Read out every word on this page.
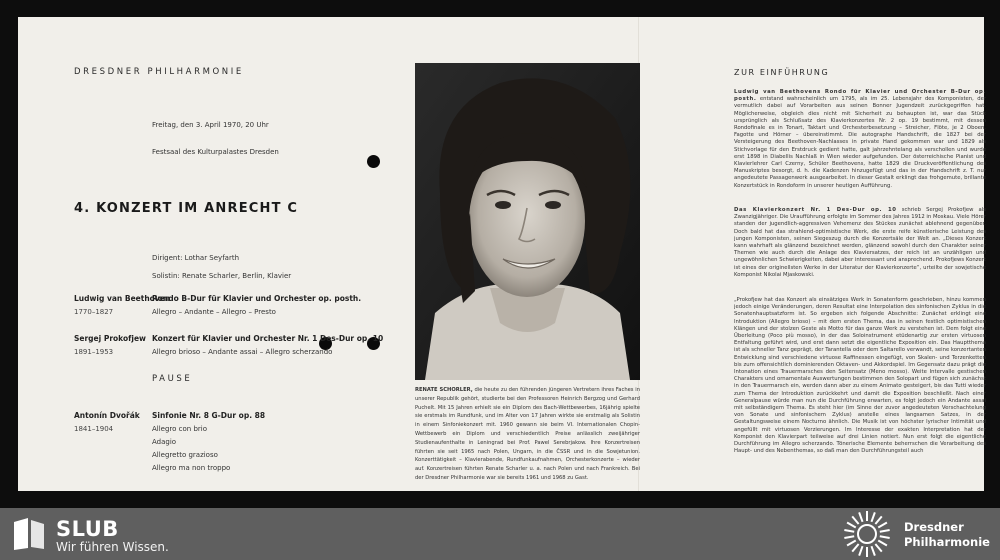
DRESDNER PHILHARMONIE
Freitag, den 3. April 1970, 20 Uhr
Festsaal des Kulturpalastes Dresden
4. KONZERT IM ANRECHT C
Dirigent: Lothar Seyfarth
Solistin: Renate Scharler, Berlin, Klavier
Ludwig van Beethoven
1770–1827
Rondo B-Dur für Klavier und Orchester op. posth.
Allegro – Andante – Allegro – Presto
Sergej Prokofjew
1891–1953
Konzert für Klavier und Orchester Nr. 1 Des-Dur op. 10
Allegro brioso – Andante assai – Allegro scherzando
PAUSE
Antonín Dvořák
1841–1904
Sinfonie Nr. 8 G-Dur op. 88
Allegro con brio
Adagio
Allegretto grazioso
Allegro ma non troppo
RENATE SCHORLER, die heute zu den führenden jüngeren Vertretern ihres Faches in unserer Republik gehört, studierte bei den Professoren Heinrich Bergzog und Gerhard Puchelt. Mit 15 Jahren erhielt sie ein Diplom des Bach-Wettbewerbes, 16jährig spielte sie erstmals im Rundfunk, und im Alter von 17 Jahren wirkte sie erstmalig als Solistin in einem Sinfoniekonzert mit. 1960 gewann sie beim VI. Internationalen Chopin-Wettbewerb ein Diplom und verschiedentlich Preise anlässlich zweijähriger Studienaufenthalte in Leningrad bei Prof. Pawel Serebrjakow. Ihre Konzertreisen führten sie seit 1965 nach Polen, Ungarn, in die ČSSR und in die Sowjetunion. Konzerttätigkeit – Klavierabende, Rundfunkaufnahmen, Orchesterkonzerte – wieder auf. Konzertreisen führten Renate Scharler u. a. nach Polen und nach Frankreich. Bei der Dresdner Philharmonie war sie bereits 1961 und 1968 zu Gast.
ZUR EINFÜHRUNG
Ludwig van Beethovens Rondo für Klavier und Orchester B-Dur op. posth. entstand wahrscheinlich um 1795, als im 25. Lebensjahr des Komponisten, der vermutlich dabei auf Vorarbeiten aus seinen Bonner Jugendzeit zurückgegriffen hat. Möglicherweise, obgleich dies nicht mit Sicherheit zu behaupten ist, war das Stück ursprünglich als Schlußsatz des Klavierkonzertes Nr. 2 op. 19 bestimmt, mit dessen Rondofinale es in Tonart, Taktart und Orchesterbesetzung – Streicher, Flöte, je 2 Oboen, Fagotte und Hörner – übereinstimmt. Die autographe Handschrift, die 1827 bei der Versteigerung des Beethoven-Nachlasses in private Hand gekommen war und 1829 als Stichvorlage für den Erstdruck gedient hatte, galt jahrzehntelang als verschollen und wurde erst 1898 in Diabellis Nachlaß in Wien wieder aufgefunden. Der österreichische Pianist und Klavierlehrer Carl Czerny, Schüler Beethovens, hatte 1829 die Druckveröffentlichung des Manuskriptes besorgt, d. h. die Kadenzen hinzugefügt und das in der Handschrift z. T. nur angedeutete Passagenwerk ausgearbeitet. In dieser Gestalt erklingt das frohgemute, brillante Konzertstück in Rondoform in unserer heutigen Aufführung.
Das Klavierkonzert Nr. 1 Des-Dur op. 10 schrieb Sergej Prokofjew als Zwanzigjähriger. Die Uraufführung erfolgte im Sommer des Jahres 1912 in Moskau. Viele Hörer standen der jugendlich-aggressiven Vehemenz des Stückes zunächst ablehnend gegenüber. Doch bald hat das strahlend-optimistische Werk, die erste reife künstlerische Leistung des jungen Komponisten, seinen Siegeszug durch die Konzertsäle der Welt an. „Dieses Konzert kann wahrhaft als glänzend bezeichnet werden, glänzend sowohl durch den Charakter seiner Themen wie auch durch die Anlage des Klaviersatzes, der reich ist an unzähligen und ungewöhnlichen Schwierigkeiten, dabei aber interessant und ansprechend. Prokofjews Konzert ist eines der originellsten Werke in der Literatur der Klavierkonzerte“, urteilte der sowjetische Komponist Nikolai Mjaskowski.
„Prokofjew hat das Konzert als einsätziges Werk in Sonatenform geschrieben, hinzu kommen jedoch einige Veränderungen, deren Resultat eine Interpolation des sinfonischen Zyklus in die Sonatenhauptsatzform ist. So ergeben sich folgende Abschnitte: Zunächst erklingt eine Introduktion (Allegro brioso) – mit dem ersten Thema, das in seinen festlich optimistischen Klängen und der stolzen Geste als Motto für das ganze Werk zu verstehen ist. Dem folgt eine Überleitung (Poco più mosso), in der das Soloinstrument etüdenartig zur ersten virtuosen Entfaltung geführt wird, und erst dann setzt die eigentliche Exposition ein. Das Hauptthema ist als schneller Tanz geprägt, der Tarantella oder dem Saltarello verwandt, seine konzertanten Entwicklung sind verschiedene virtuose Raffinessen eingefügt, von Skalen- und Terzenketten bis zum offensichtlich dominierenden Oktaven- und Akkordspiel. Im Gegensatz dazu prägt die Intonation eines Trauermarsches den Seitensatz (Meno mosso). Weite Intervalle gestischen Charakters und ornamentale Auswertungen bestimmen den Solopart und fügen sich zunächst in den Trauermarsch ein, werden dann aber zu einem Animato gesteigert, bis das Tutti wieder zum Thema der Introduktion zurückkehrt und damit die Exposition beschließt. Nach einer Generalpause würde man nun die Durchführung erwarten, es folgt jedoch ein Andante assai mit selbständigem Thema. Es steht hier (im Sinne der zuvor angedeuteten Verschachtelung von Sonate und sinfonischem Zyklus) anstelle eines langsamen Satzes, in der Gestaltungsweise einem Nocturno ähnlich. Die Musik ist von höchster lyrischer Intimität und angefüllt mit virtuosen Verzierungen. Im Interesse der exakten Interpretation hat der Komponist den Klavierpart teilweise auf drei Linien notiert. Nun erst folgt die eigentliche Durchführung im Allegro scherzando. Tönerische Elemente beherrschen die Verarbeitung des Haupt- und des Nebenthemas, so daß man den Durchführungsteil auch
SLUB
Wir führen Wissen.
Dresdner
Philharmonie
